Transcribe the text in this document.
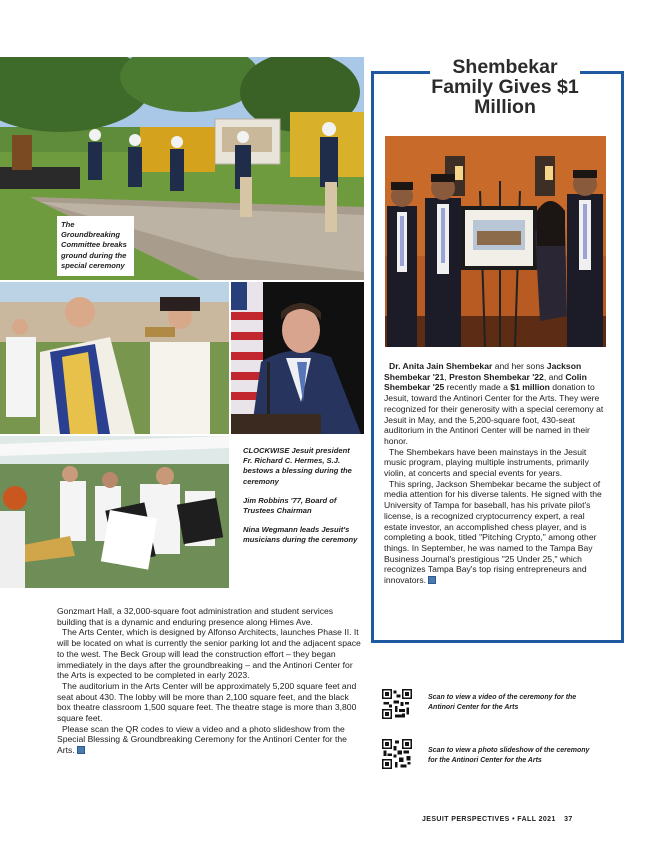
The Groundbreaking Committee breaks ground during the special ceremony

CLOCKWISE Jesuit president Fr. Richard C. Hermes, S.J. bestows a blessing during the ceremony

Jim Robbins '77, Board of Trustees Chairman

Nina Wegmann leads Jesuit's musicians during the ceremony

Gonzmart Hall, a 32,000-square foot administration and student services building that is a dynamic and enduring presence along Himes Ave.

The Arts Center, which is designed by Alfonso Architects, launches Phase II. It will be located on what is currently the senior parking lot and the adjacent space to the west. The Beck Group will lead the construction effort – they began immediately in the days after the groundbreaking – and the Antinori Center for the Arts is expected to be completed in early 2023.

The auditorium in the Arts Center will be approximately 5,200 square feet and seat about 430. The lobby will be more than 2,100 square feet, and the black box theatre classroom 1,500 square feet. The theatre stage is more than 3,800 square feet.

Please scan the QR codes to view a video and a photo slideshow from the Special Blessing & Groundbreaking Ceremony for the Antinori Center for the Arts.

Shembekar Family Gives $1 Million

Dr. Anita Jain Shembekar and her sons Jackson Shembekar '21, Preston Shembekar '22, and Colin Shembekar '25 recently made a $1 million donation to Jesuit, toward the Antinori Center for the Arts. They were recognized for their generosity with a special ceremony at Jesuit in May, and the 5,200-square foot, 430-seat auditorium in the Antinori Center will be named in their honor.

The Shembekars have been mainstays in the Jesuit music program, playing multiple instruments, primarily violin, at concerts and special events for years.

This spring, Jackson Shembekar became the subject of media attention for his diverse talents. He signed with the University of Tampa for baseball, has his private pilot's license, is a recognized cryptocurrency expert, a real estate investor, an accomplished chess player, and is completing a book, titled "Pitching Crypto," among other things. In September, he was named to the Tampa Bay Business Journal's prestigious "25 Under 25," which recognizes Tampa Bay's top rising entrepreneurs and innovators.

Scan to view a video of the ceremony for the Antinori Center for the Arts
Scan to view a photo slideshow of the ceremony for the Antinori Center for the Arts
JESUIT PERSPECTIVES • FALL 2021 37
